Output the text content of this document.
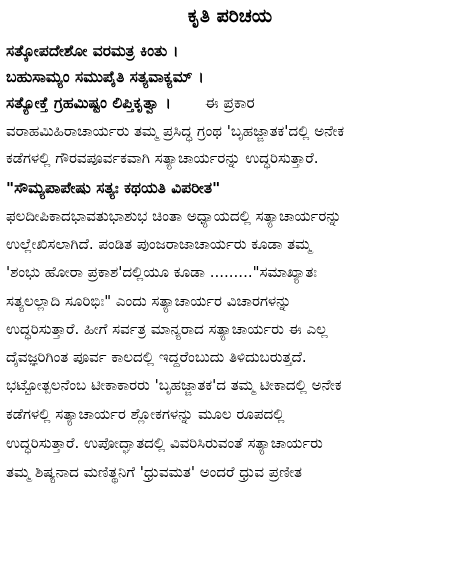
ಕೃತಿ ಪರಿಚಯ
ಸತ್ಕೋಪದೇಶೋ ವರಮತ್ರ ಕಿಂತು ।
ಬಹುಸಾಮ್ಯಂ ಸಮುಪೈತಿ ಸತ್ಯವಾಕ್ಯಮ್ ।
ಸತ್ಯೋಕ್ತೆ ಗ್ರಹಮಿಷ್ಟಂ ಲಿಪ್ತಿಕೃತ್ವಾ । ಈ ಪ್ರಕಾರ
ವರಾಹಮಿಹಿರಾಚಾರ್ಯರು ತಮ್ಮ ಪ್ರಸಿದ್ಧ ಗ್ರಂಥ 'ಬೃಹಜ್ಜಾತಕ'ದಲ್ಲಿ ಅನೇಕ
ಕಡೆಗಳಲ್ಲಿ ಗೌರವಪೂರ್ವಕವಾಗಿ ಸತ್ಯಾಚಾರ್ಯರನ್ನು ಉದ್ಧರಿಸುತ್ತಾರೆ.
"ಸೌಮ್ಯಪಾಪೇಷು ಸತ್ಯಃ ಕಥಯತಿ ವಿಪರೀತ"
ಫಲದೀಪಿಕಾದಭಾವತುಭಾಶುಭ ಚಿಂತಾ ಅಧ್ಯಾಯದಲ್ಲಿ ಸತ್ಯಾಚಾರ್ಯರನ್ನು
ಉಲ್ಲೇಖಿಸಲಾಗಿದೆ. ಪಂಡಿತ ಪುಂಜರಾಜಾಚಾರ್ಯರು ಕೂಡಾ ತಮ್ಮ
'ಶಂಭು ಹೋರಾ ಪ್ರಕಾಶ'ದಲ್ಲಿಯೂ ಕೂಡಾ ........."ಸಮಾಖ್ಯಾತಃ
ಸತ್ಯಲಲ್ಲಾದಿ ಸೂರಿಭಿಃ" ಎಂದು ಸತ್ಯಾಚಾರ್ಯರ ವಿಚಾರಗಳನ್ನು
ಉದ್ಧರಿಸುತ್ತಾರೆ. ಹೀಗೆ ಸರ್ವತ್ರ ಮಾನ್ಯರಾದ ಸತ್ಯಾಚಾರ್ಯರು ಈ ಎಲ್ಲ
ದೈವಜ್ಞರಿಗಿಂತ ಪೂರ್ವ ಕಾಲದಲ್ಲಿ ಇದ್ದರೆಂಬುದು ತಿಳಿದುಬರುತ್ತದೆ.
ಭಟ್ಟೋತ್ಪಲನೆಂಬ ಟೀಕಾಕಾರರು 'ಬೃಹಜ್ಜಾತಕ'ದ ತಮ್ಮ ಟೀಕಾದಲ್ಲಿ ಅನೇಕ
ಕಡೆಗಳಲ್ಲಿ ಸತ್ಯಾಚಾರ್ಯರ ಶ್ಲೋಕಗಳನ್ನು ಮೂಲ ರೂಪದಲ್ಲಿ
ಉದ್ಧರಿಸುತ್ತಾರೆ. ಉಪೋದ್ಘಾತದಲ್ಲಿ ವಿವರಿಸಿರುವಂತೆ ಸತ್ಯಾಚಾರ್ಯರು
ತಮ್ಮ ಶಿಷ್ಯನಾದ ಮಣಿತ್ಥನಿಗೆ 'ಧ್ರುವಮತ' ಅಂದರೆ ಧ್ರುವ ಪ್ರಣೀತ
